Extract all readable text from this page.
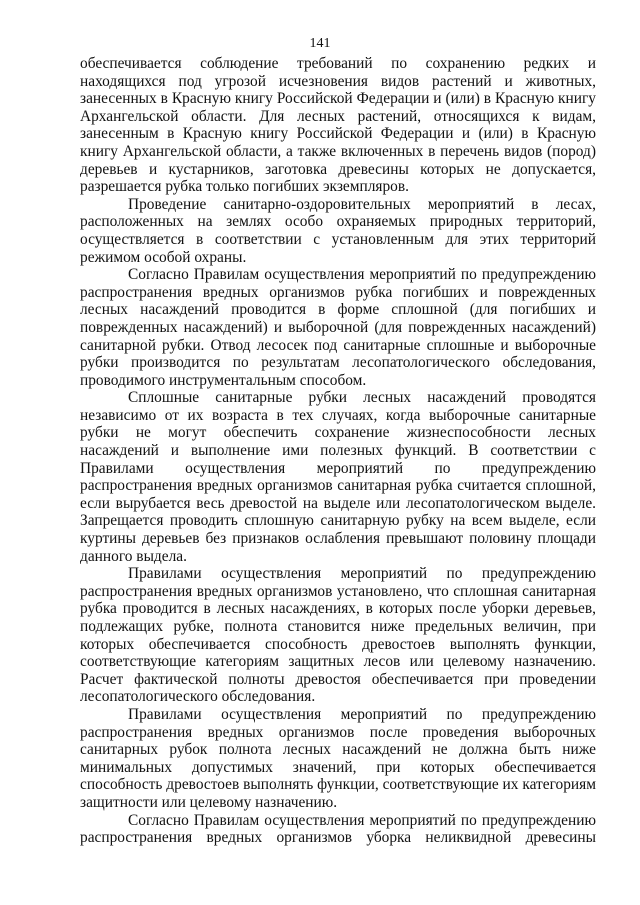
141

обеспечивается соблюдение требований по сохранению редких и находящихся под угрозой исчезновения видов растений и животных, занесенных в Красную книгу Российской Федерации и (или) в Красную книгу Архангельской области. Для лесных растений, относящихся к видам, занесенным в Красную книгу Российской Федерации и (или) в Красную книгу Архангельской области, а также включенных в перечень видов (пород) деревьев и кустарников, заготовка древесины которых не допускается, разрешается рубка только погибших экземпляров.

Проведение санитарно-оздоровительных мероприятий в лесах, расположенных на землях особо охраняемых природных территорий, осуществляется в соответствии с установленным для этих территорий режимом особой охраны.

Согласно Правилам осуществления мероприятий по предупреждению распространения вредных организмов рубка погибших и поврежденных лесных насаждений проводится в форме сплошной (для погибших и поврежденных насаждений) и выборочной (для поврежденных насаждений) санитарной рубки. Отвод лесосек под санитарные сплошные и выборочные рубки производится по результатам лесопатологического обследования, проводимого инструментальным способом.

Сплошные санитарные рубки лесных насаждений проводятся независимо от их возраста в тех случаях, когда выборочные санитарные рубки не могут обеспечить сохранение жизнеспособности лесных насаждений и выполнение ими полезных функций. В соответствии с Правилами осуществления мероприятий по предупреждению распространения вредных организмов санитарная рубка считается сплошной, если вырубается весь древостой на выделе или лесопатологическом выделе. Запрещается проводить сплошную санитарную рубку на всем выделе, если куртины деревьев без признаков ослабления превышают половину площади данного выдела.

Правилами осуществления мероприятий по предупреждению распространения вредных организмов установлено, что сплошная санитарная рубка проводится в лесных насаждениях, в которых после уборки деревьев, подлежащих рубке, полнота становится ниже предельных величин, при которых обеспечивается способность древостоев выполнять функции, соответствующие категориям защитных лесов или целевому назначению. Расчет фактической полноты древостоя обеспечивается при проведении лесопатологического обследования.

Правилами осуществления мероприятий по предупреждению распространения вредных организмов после проведения выборочных санитарных рубок полнота лесных насаждений не должна быть ниже минимальных допустимых значений, при которых обеспечивается способность древостоев выполнять функции, соответствующие их категориям защитности или целевому назначению.

Согласно Правилам осуществления мероприятий по предупреждению распространения вредных организмов уборка неликвидной древесины
